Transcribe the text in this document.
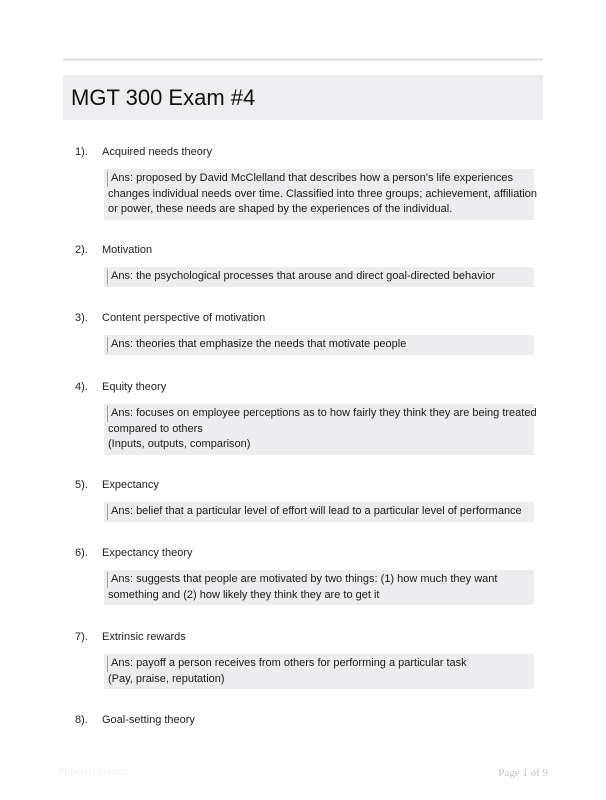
MGT 300 Exam #4
1). Acquired needs theory
Ans: proposed by David McClelland that describes how a person's life experiences
changes individual needs over time. Classified into three groups; achievement, affiliation
or power, these needs are shaped by the experiences of the individual.
2). Motivation
Ans: the psychological processes that arouse and direct goal-directed behavior
3). Content perspective of motivation
Ans: theories that emphasize the needs that motivate people
4). Equity theory
Ans: focuses on employee perceptions as to how fairly they think they are being treated
compared to others
(Inputs, outputs, comparison)
5). Expectancy
Ans: belief that a particular level of effort will lead to a particular level of performance
6). Expectancy theory
Ans: suggests that people are motivated by two things: (1) how much they want
something and (2) how likely they think they are to get it
7). Extrinsic rewards
Ans: payoff a person receives from others for performing a particular task
(Pay, praise, reputation)
8). Goal-setting theory
PaperHelp.com	Page 1 of 9
